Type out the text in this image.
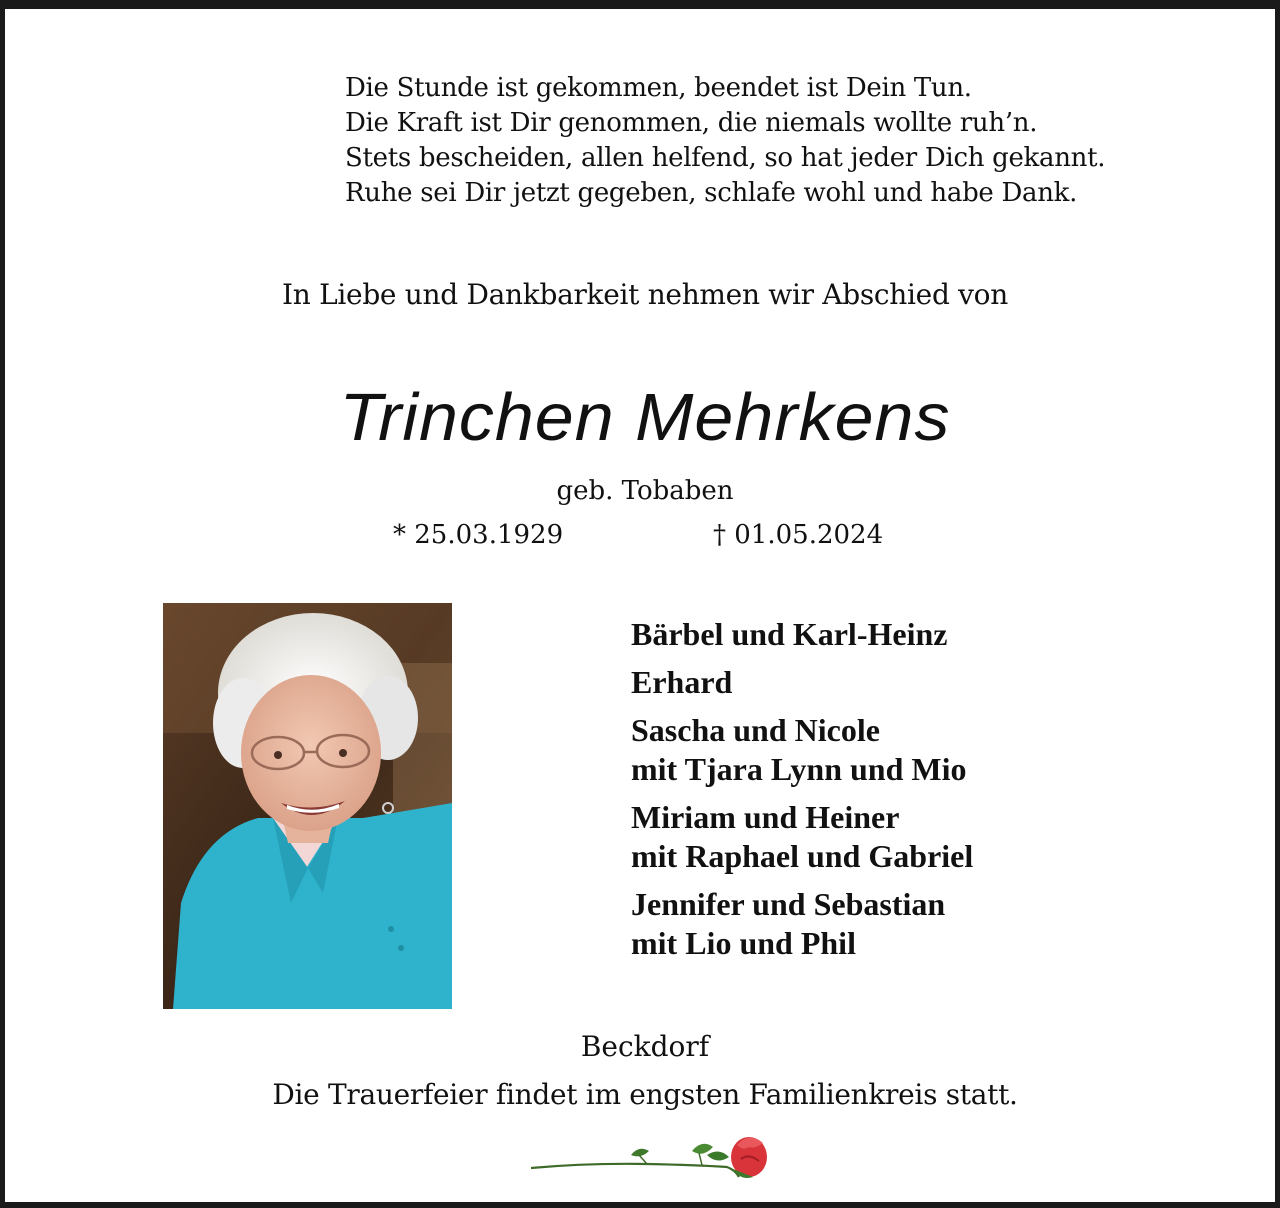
Die Stunde ist gekommen, beendet ist Dein Tun.
Die Kraft ist Dir genommen, die niemals wollte ruh’n.
Stets bescheiden, allen helfend, so hat jeder Dich gekannt.
Ruhe sei Dir jetzt gegeben, schlafe wohl und habe Dank.
In Liebe und Dankbarkeit nehmen wir Abschied von
Trinchen Mehrkens
geb. Tobaben
* 25.03.1929	† 01.05.2024
Bärbel und Karl-Heinz
Erhard
Sascha und Nicole
mit Tjara Lynn und Mio
Miriam und Heiner
mit Raphael und Gabriel
Jennifer und Sebastian
mit Lio und Phil
Beckdorf
Die Trauerfeier findet im engsten Familienkreis statt.
